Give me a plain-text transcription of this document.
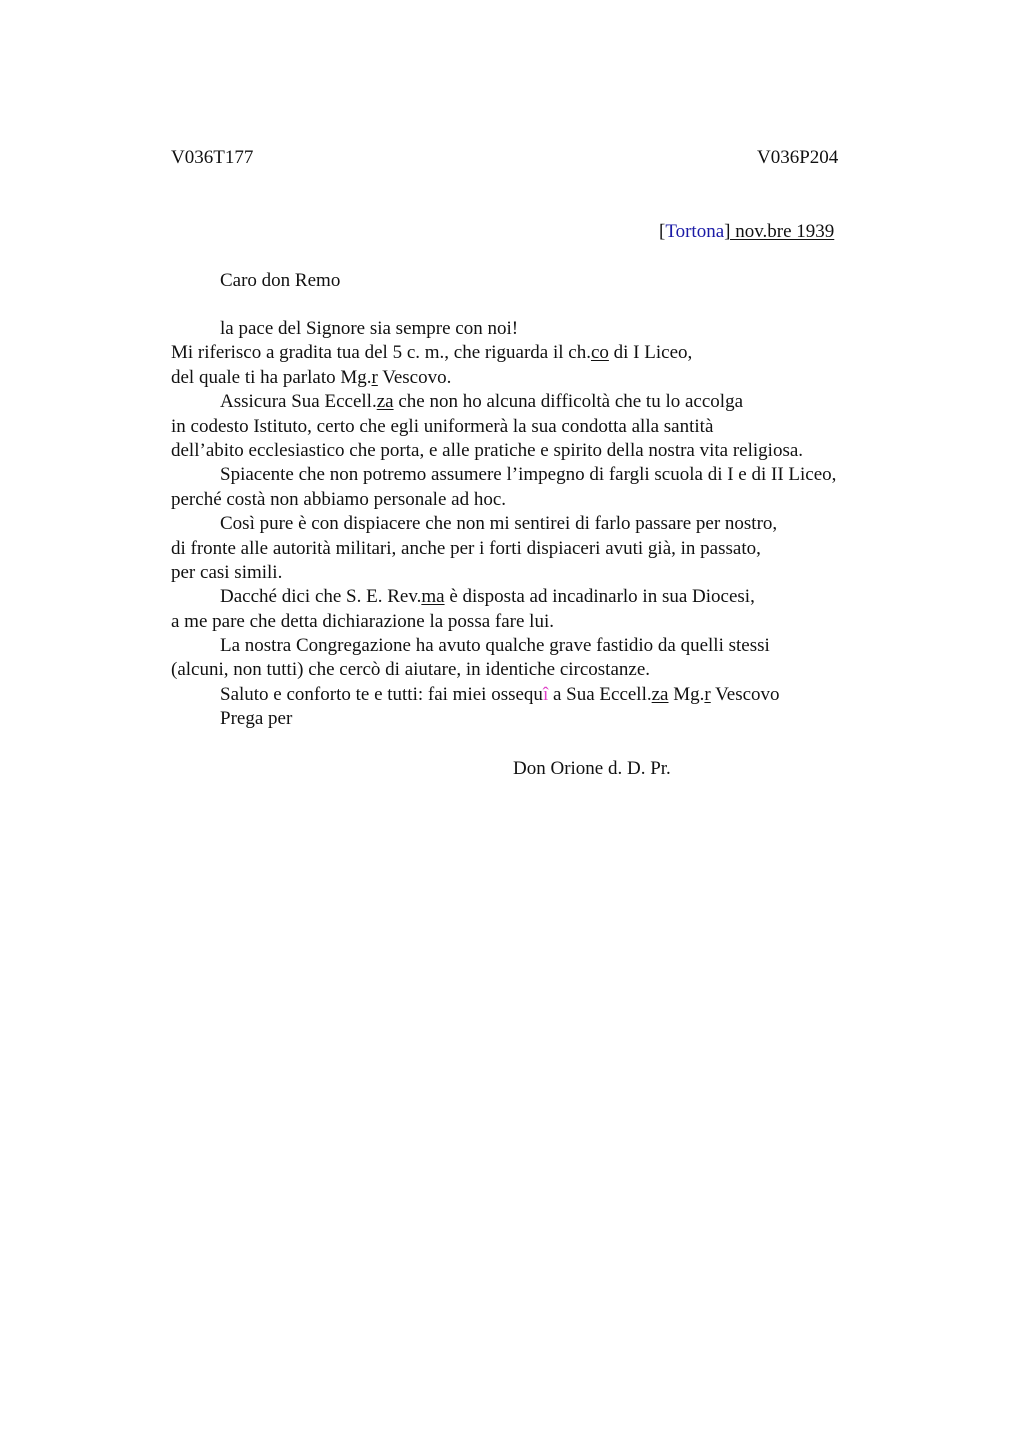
V036T177	V036P204
[Tortona] nov.bre 1939
Caro don Remo
la pace del Signore sia sempre con noi!
Mi riferisco a gradita tua del 5 c. m., che riguarda il ch.co di I Liceo,
del quale ti ha parlato Mg.r Vescovo.
Assicura Sua Eccell.za che non ho alcuna difficoltà che tu lo accolga
in codesto Istituto, certo che egli uniformerà la sua condotta alla santità
dell’abito ecclesiastico che porta, e alle pratiche e spirito della nostra vita religiosa.
Spiacente che non potremo assumere l’impegno di fargli scuola di I e di II Liceo,
perché costà non abbiamo personale ad hoc.
Così pure è con dispiacere che non mi sentirei di farlo passare per nostro,
di fronte alle autorità militari, anche per i forti dispiaceri avuti già, in passato,
per casi simili.
Dacché dici che S. E. Rev.ma è disposta ad incadinarlo in sua Diocesi,
a me pare che detta dichiarazione la possa fare lui.
La nostra Congregazione ha avuto qualche grave fastidio da quelli stessi
(alcuni, non tutti) che cercò di aiutare, in identiche circostanze.
Saluto e conforto te e tutti: fai miei ossequî a Sua Eccell.za Mg.r Vescovo
Prega per
Don Orione d. D. Pr.
